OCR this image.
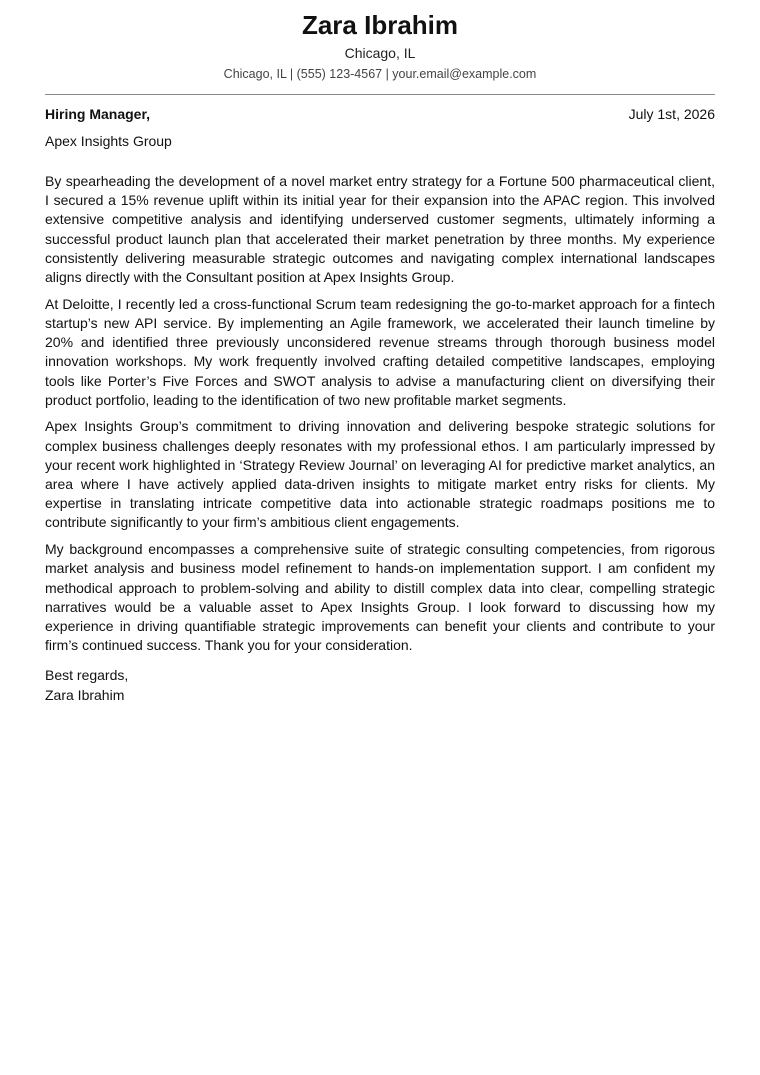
Zara Ibrahim
Chicago, IL
Chicago, IL | (555) 123-4567 | your.email@example.com
Hiring Manager,	July 1st, 2026
Apex Insights Group

By spearheading the development of a novel market entry strategy for a Fortune 500 pharmaceutical client, I secured a 15% revenue uplift within its initial year for their expansion into the APAC region. This involved extensive competitive analysis and identifying underserved customer segments, ultimately informing a successful product launch plan that accelerated their market penetration by three months. My experience consistently delivering measurable strategic outcomes and navigating complex international landscapes aligns directly with the Consultant position at Apex Insights Group.

At Deloitte, I recently led a cross-functional Scrum team redesigning the go-to-market approach for a fintech startup’s new API service. By implementing an Agile framework, we accelerated their launch timeline by 20% and identified three previously unconsidered revenue streams through thorough business model innovation workshops. My work frequently involved crafting detailed competitive landscapes, employing tools like Porter’s Five Forces and SWOT analysis to advise a manufacturing client on diversifying their product portfolio, leading to the identification of two new profitable market segments.

Apex Insights Group’s commitment to driving innovation and delivering bespoke strategic solutions for complex business challenges deeply resonates with my professional ethos. I am particularly impressed by your recent work highlighted in ‘Strategy Review Journal’ on leveraging AI for predictive market analytics, an area where I have actively applied data-driven insights to mitigate market entry risks for clients. My expertise in translating intricate competitive data into actionable strategic roadmaps positions me to contribute significantly to your firm’s ambitious client engagements.

My background encompasses a comprehensive suite of strategic consulting competencies, from rigorous market analysis and business model refinement to hands-on implementation support. I am confident my methodical approach to problem-solving and ability to distill complex data into clear, compelling strategic narratives would be a valuable asset to Apex Insights Group. I look forward to discussing how my experience in driving quantifiable strategic improvements can benefit your clients and contribute to your firm’s continued success. Thank you for your consideration.

Best regards,
Zara Ibrahim
